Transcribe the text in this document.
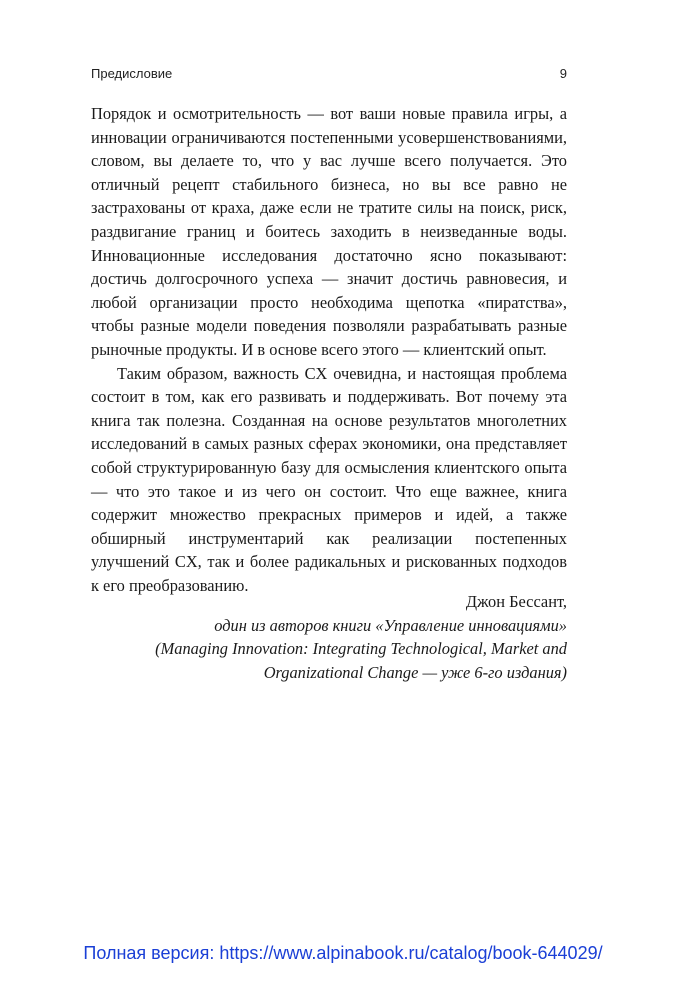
Предисловие	9

Порядок и осмотрительность — вот ваши новые правила игры, а инновации ограничиваются постепенными усовершенствованиями, словом, вы делаете то, что у вас лучше всего получается. Это отличный рецепт стабильного бизнеса, но вы все равно не застрахованы от краха, даже если не тратите силы на поиск, риск, раздвигание границ и боитесь заходить в неизведанные воды. Инновационные исследования достаточно ясно показывают: достичь долгосрочного успеха — значит достичь равновесия, и любой организации просто необходима щепотка «пиратства», чтобы разные модели поведения позволяли разрабатывать разные рыночные продукты. И в основе всего этого — клиентский опыт.

Таким образом, важность CX очевидна, и настоящая проблема состоит в том, как его развивать и поддерживать. Вот почему эта книга так полезна. Созданная на основе результатов многолетних исследований в самых разных сферах экономики, она представляет собой структурированную базу для осмысления клиентского опыта — что это такое и из чего он состоит. Что еще важнее, книга содержит множество прекрасных примеров и идей, а также обширный инструментарий как реализации постепенных улучшений CX, так и более радикальных и рискованных подходов к его преобразованию.

Джон Бессант,
один из авторов книги «Управление инновациями»
(Managing Innovation: Integrating Technological, Market and
Organizational Change — уже 6-го издания)
Полная версия: https://www.alpinabook.ru/catalog/book-644029/
